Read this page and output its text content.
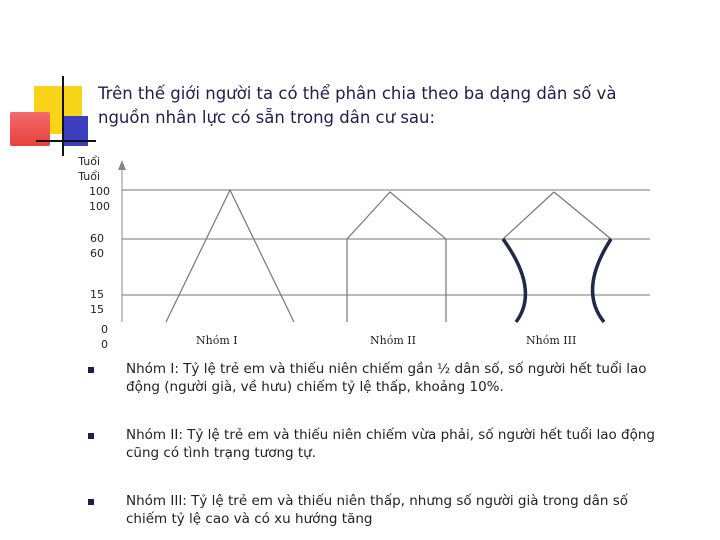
Trên thế giới người ta có thể phân chia theo ba dạng dân số và
nguồn nhân lực có sẵn trong dân cư sau:
Tuổi
Tuổi
100
100
60
60
15
15
0
0	Nhóm I	Nhóm II	Nhóm III
Nhóm I: Tỷ lệ trẻ em và thiếu niên chiếm gần ½ dân số, số người hết tuổi lao
động (người già, về hưu) chiếm tỷ lệ thấp, khoảng 10%.
Nhóm II: Tỷ lệ trẻ em và thiếu niên chiếm vừa phải, số người hết tuổi lao động
cũng có tình trạng tương tự.
Nhóm III: Tỷ lệ trẻ em và thiếu niên thấp, nhưng số người già trong dân số
chiếm tỷ lệ cao và có xu hướng tăng
